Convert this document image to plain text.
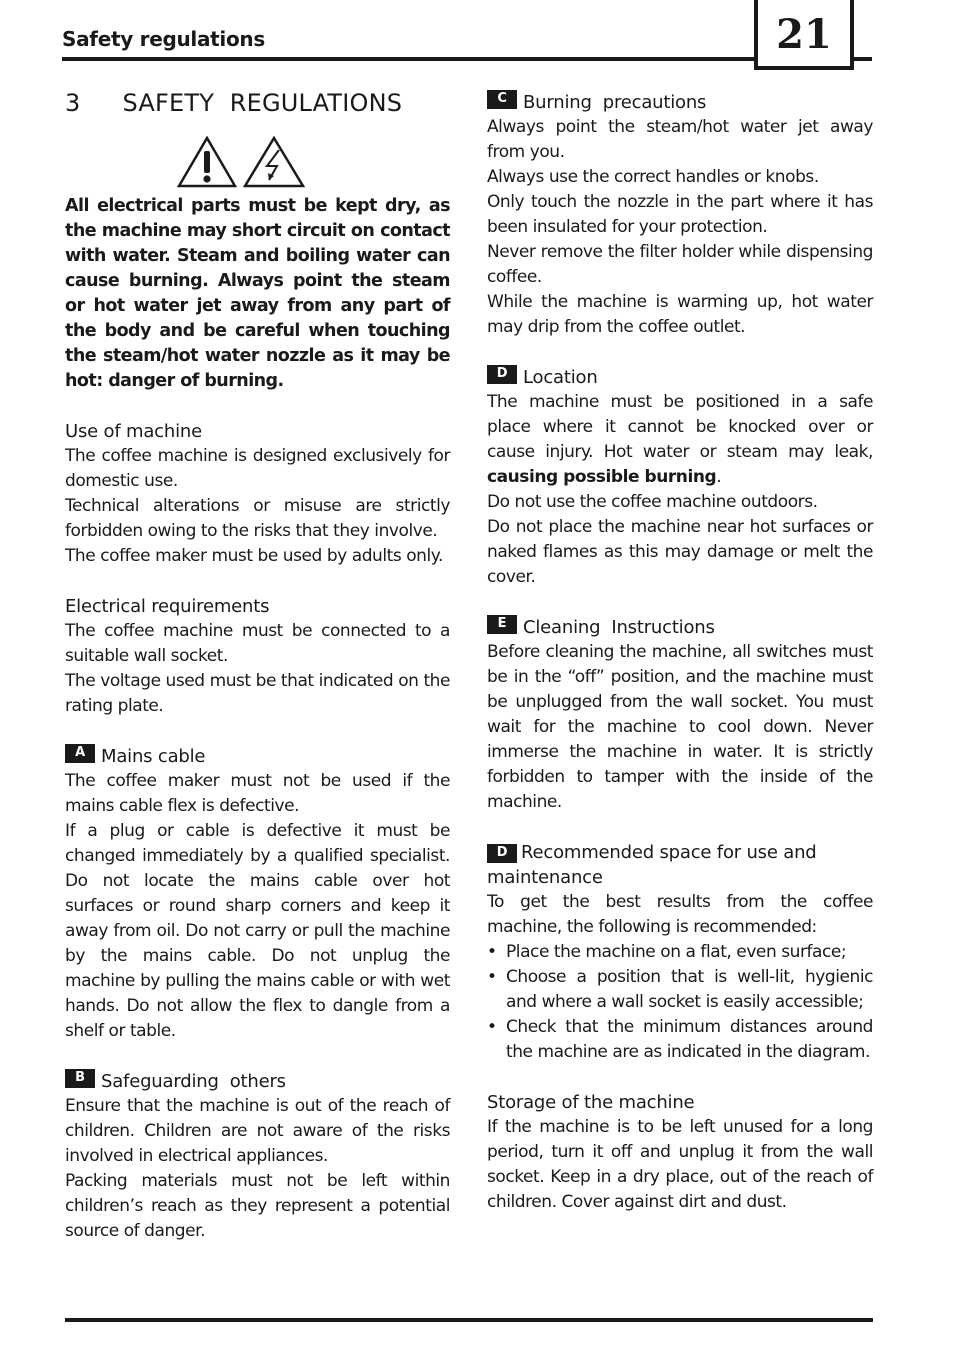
Safety regulations	21
3 SAFETY  REGULATIONS

All electrical parts must be kept dry, as the machine may short circuit on contact with water. Steam and boiling water can cause burning. Always point the steam or hot water jet away from any part of the body and be careful when touching the steam/hot water nozzle as it may be hot: danger of burning.

Use of machine

The coffee machine is designed exclusively for domestic use.

Technical alterations or misuse are strictly forbidden owing to the risks that they involve.

The coffee maker must be used by adults only.

Electrical requirements

The coffee machine must be connected to a suitable wall socket.

The voltage used must be that indicated on the rating plate.

A Mains cable

The coffee maker must not be used if the mains cable flex is defective.

If a plug or cable is defective it must be changed immediately by a qualified specialist. Do not locate the mains cable over hot surfaces or round sharp corners and keep it away from oil. Do not carry or pull the machine by the mains cable. Do not unplug the machine by pulling the mains cable or with wet hands. Do not allow the flex to dangle from a shelf or table.

B Safeguarding  others

Ensure that the machine is out of the reach of children. Children are not aware of the risks involved in electrical appliances.

Packing materials must not be left within children’s reach as they represent a potential source of danger.

C Burning  precautions

Always point the steam/hot water jet away from you.

Always use the correct handles or knobs.

Only touch the nozzle in the part where it has been insulated for your protection.

Never remove the filter holder while dispensing coffee.

While the machine is warming up, hot water may drip from the coffee outlet.

D Location

The machine must be positioned in a safe place where it cannot be knocked over or cause injury. Hot water or steam may leak, causing possible burning.

Do not use the coffee machine outdoors.

Do not place the machine near hot surfaces or naked flames as this may damage or melt the cover.

E Cleaning  Instructions

Before cleaning the machine, all switches must be in the “off” position, and the machine must be unplugged from the wall socket. You must wait for the machine to cool down. Never immerse the machine in water. It is strictly forbidden to tamper with the inside of the machine.

D Recommended space for use and maintenance

To get the best results from the coffee machine, the following is recommended:

• Place the machine on a flat, even surface;
• Choose a position that is well-lit, hygienic and where a wall socket is easily accessible;
• Check that the minimum distances around the machine are as indicated in the diagram.
Storage of the machine

If the machine is to be left unused for a long period, turn it off and unplug it from the wall socket. Keep in a dry place, out of the reach of children. Cover against dirt and dust.
